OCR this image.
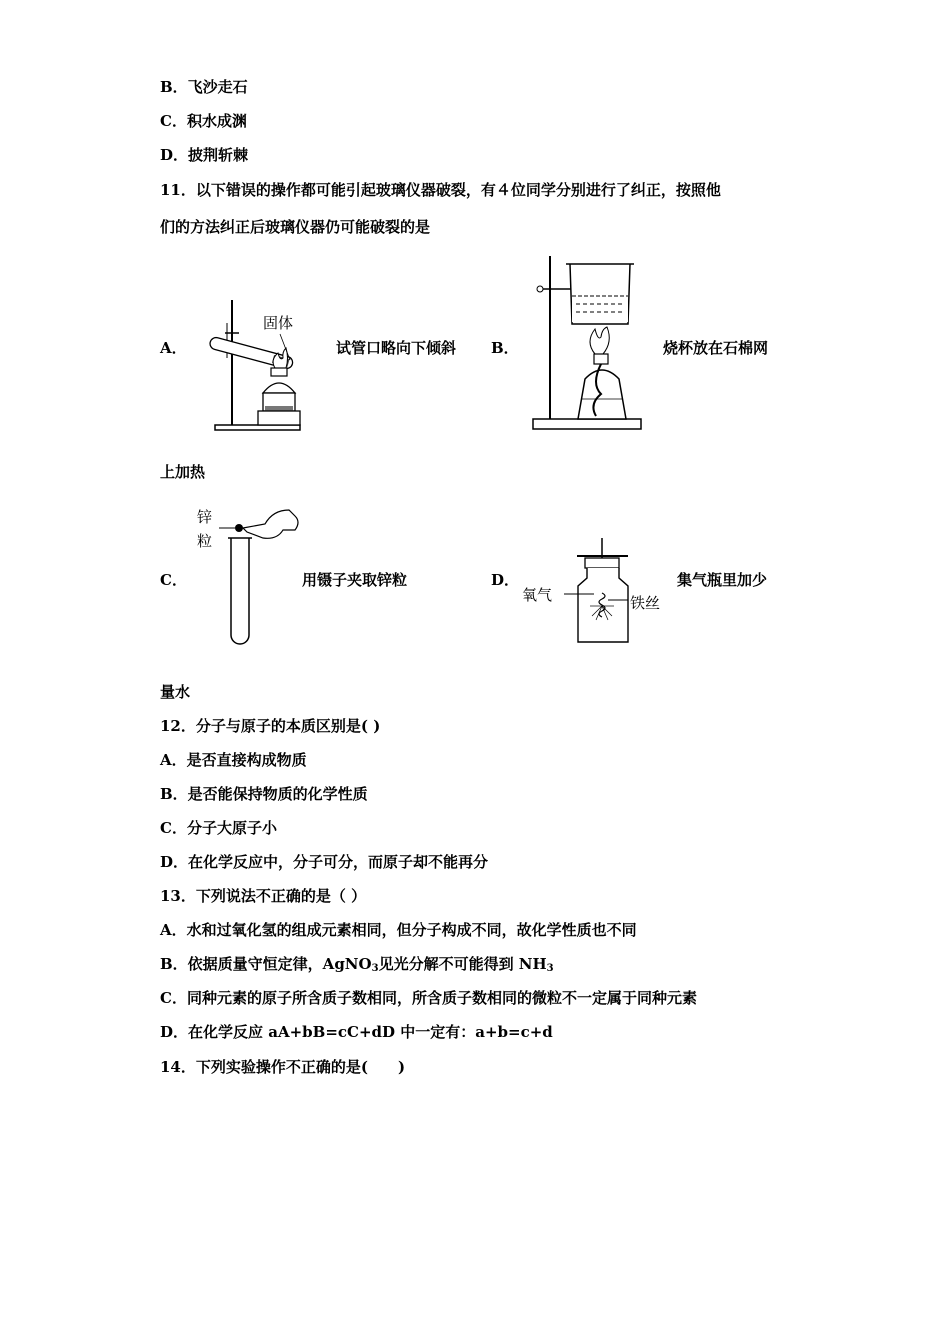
B．飞沙走石
C．积水成渊
D．披荆斩棘
11．以下错误的操作都可能引起玻璃仪器破裂，有４位同学分别进行了纠正，按照他
们的方法纠正后玻璃仪器仍可能破裂的是
A．
固体
试管口略向下倾斜 B．	烧杯放在石棉网
上加热
C．
锌
粒
用镊子夹取锌粒	D．
氧气	铁丝
集气瓶里加少
量水
12．分子与原子的本质区别是( )
A．是否直接构成物质
B．是否能保持物质的化学性质
C．分子大原子小
D．在化学反应中，分子可分，而原子却不能再分
13．下列说法不正确的是（ ）
A．水和过氧化氢的组成元素相同，但分子构成不同，故化学性质也不同
B．依据质量守恒定律，AgNO$_3$见光分解不可能得到 $NH_3$
C．同种元素的原子所含质子数相同，所含质子数相同的微粒不一定属于同种元素
D．在化学反应 aA+bB=cC+dD 中一定有：a+b=c+d
14．下列实验操作不正确的是(　　)
